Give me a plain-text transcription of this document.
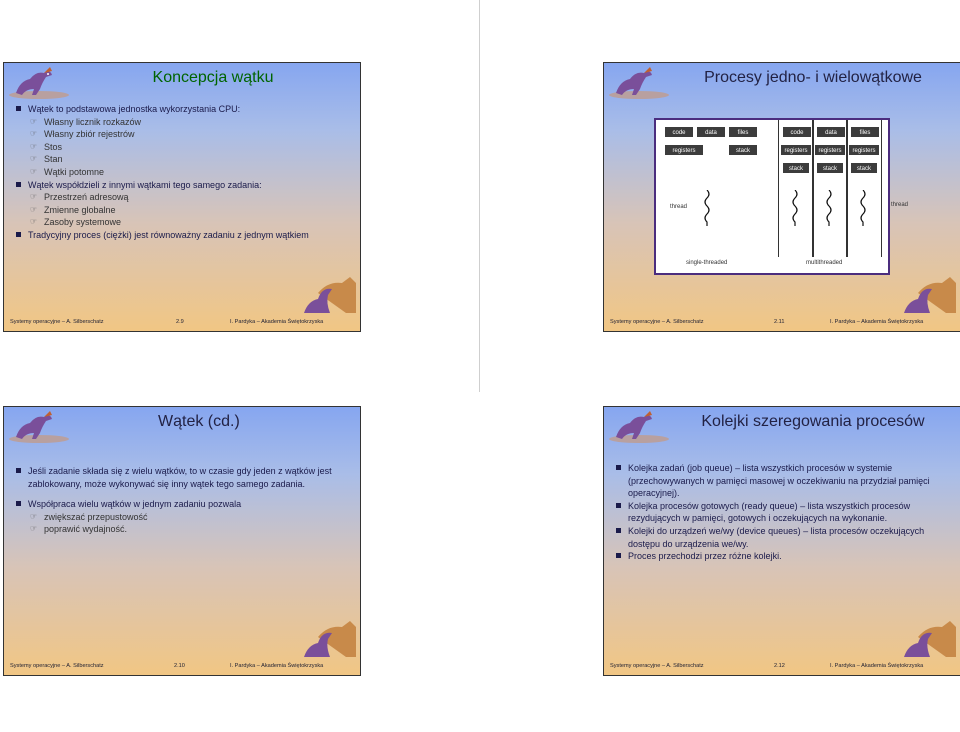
Koncepcja wątku
Wątek to podstawowa jednostka wykorzystania CPU:
☞ Własny licznik rozkazów
☞ Własny zbiór rejestrów
☞ Stos
☞ Stan
☞ Wątki potomne
Wątek współdzieli z innymi wątkami tego samego zadania:
☞ Przestrzeń adresową
☞ Zmienne globalne
☞ Zasoby systemowe
Tradycyjny proces (ciężki) jest równoważny zadaniu z jednym wątkiem
Systemy operacyjne – A. Silberschatz	2.9	I. Pardyka – Akademia Świętokrzyska
Procesy jedno- i wielowątkowe
code	data	files
registers	stack
thread
single-threaded
code	data	files
registers	registers	registers
stack	stack	stack
multithreaded
thread
Systemy operacyjne – A. Silberschatz	2.11	I. Pardyka – Akademia Świętokrzyska
Wątek (cd.)
Jeśli zadanie składa się z wielu wątków, to w czasie gdy jeden z wątków jest zablokowany, może wykonywać się inny wątek tego samego zadania.
Współpraca wielu wątków w jednym zadaniu pozwala
☞ zwiększać przepustowość
☞ poprawić wydajność.
Systemy operacyjne – A. Silberschatz	2.10	I. Pardyka – Akademia Świętokrzyska
Kolejki szeregowania procesów
Kolejka zadań (job queue) – lista wszystkich procesów w systemie (przechowywanych w pamięci masowej w oczekiwaniu na przydział pamięci operacyjnej).
Kolejka procesów gotowych (ready queue) – lista wszystkich procesów rezydujących w pamięci, gotowych i oczekujących na wykonanie.
Kolejki do urządzeń we/wy (device queues) – lista procesów oczekujących dostępu do urządzenia we/wy.
Proces przechodzi przez różne kolejki.
Systemy operacyjne – A. Silberschatz	2.12	I. Pardyka – Akademia Świętokrzyska
